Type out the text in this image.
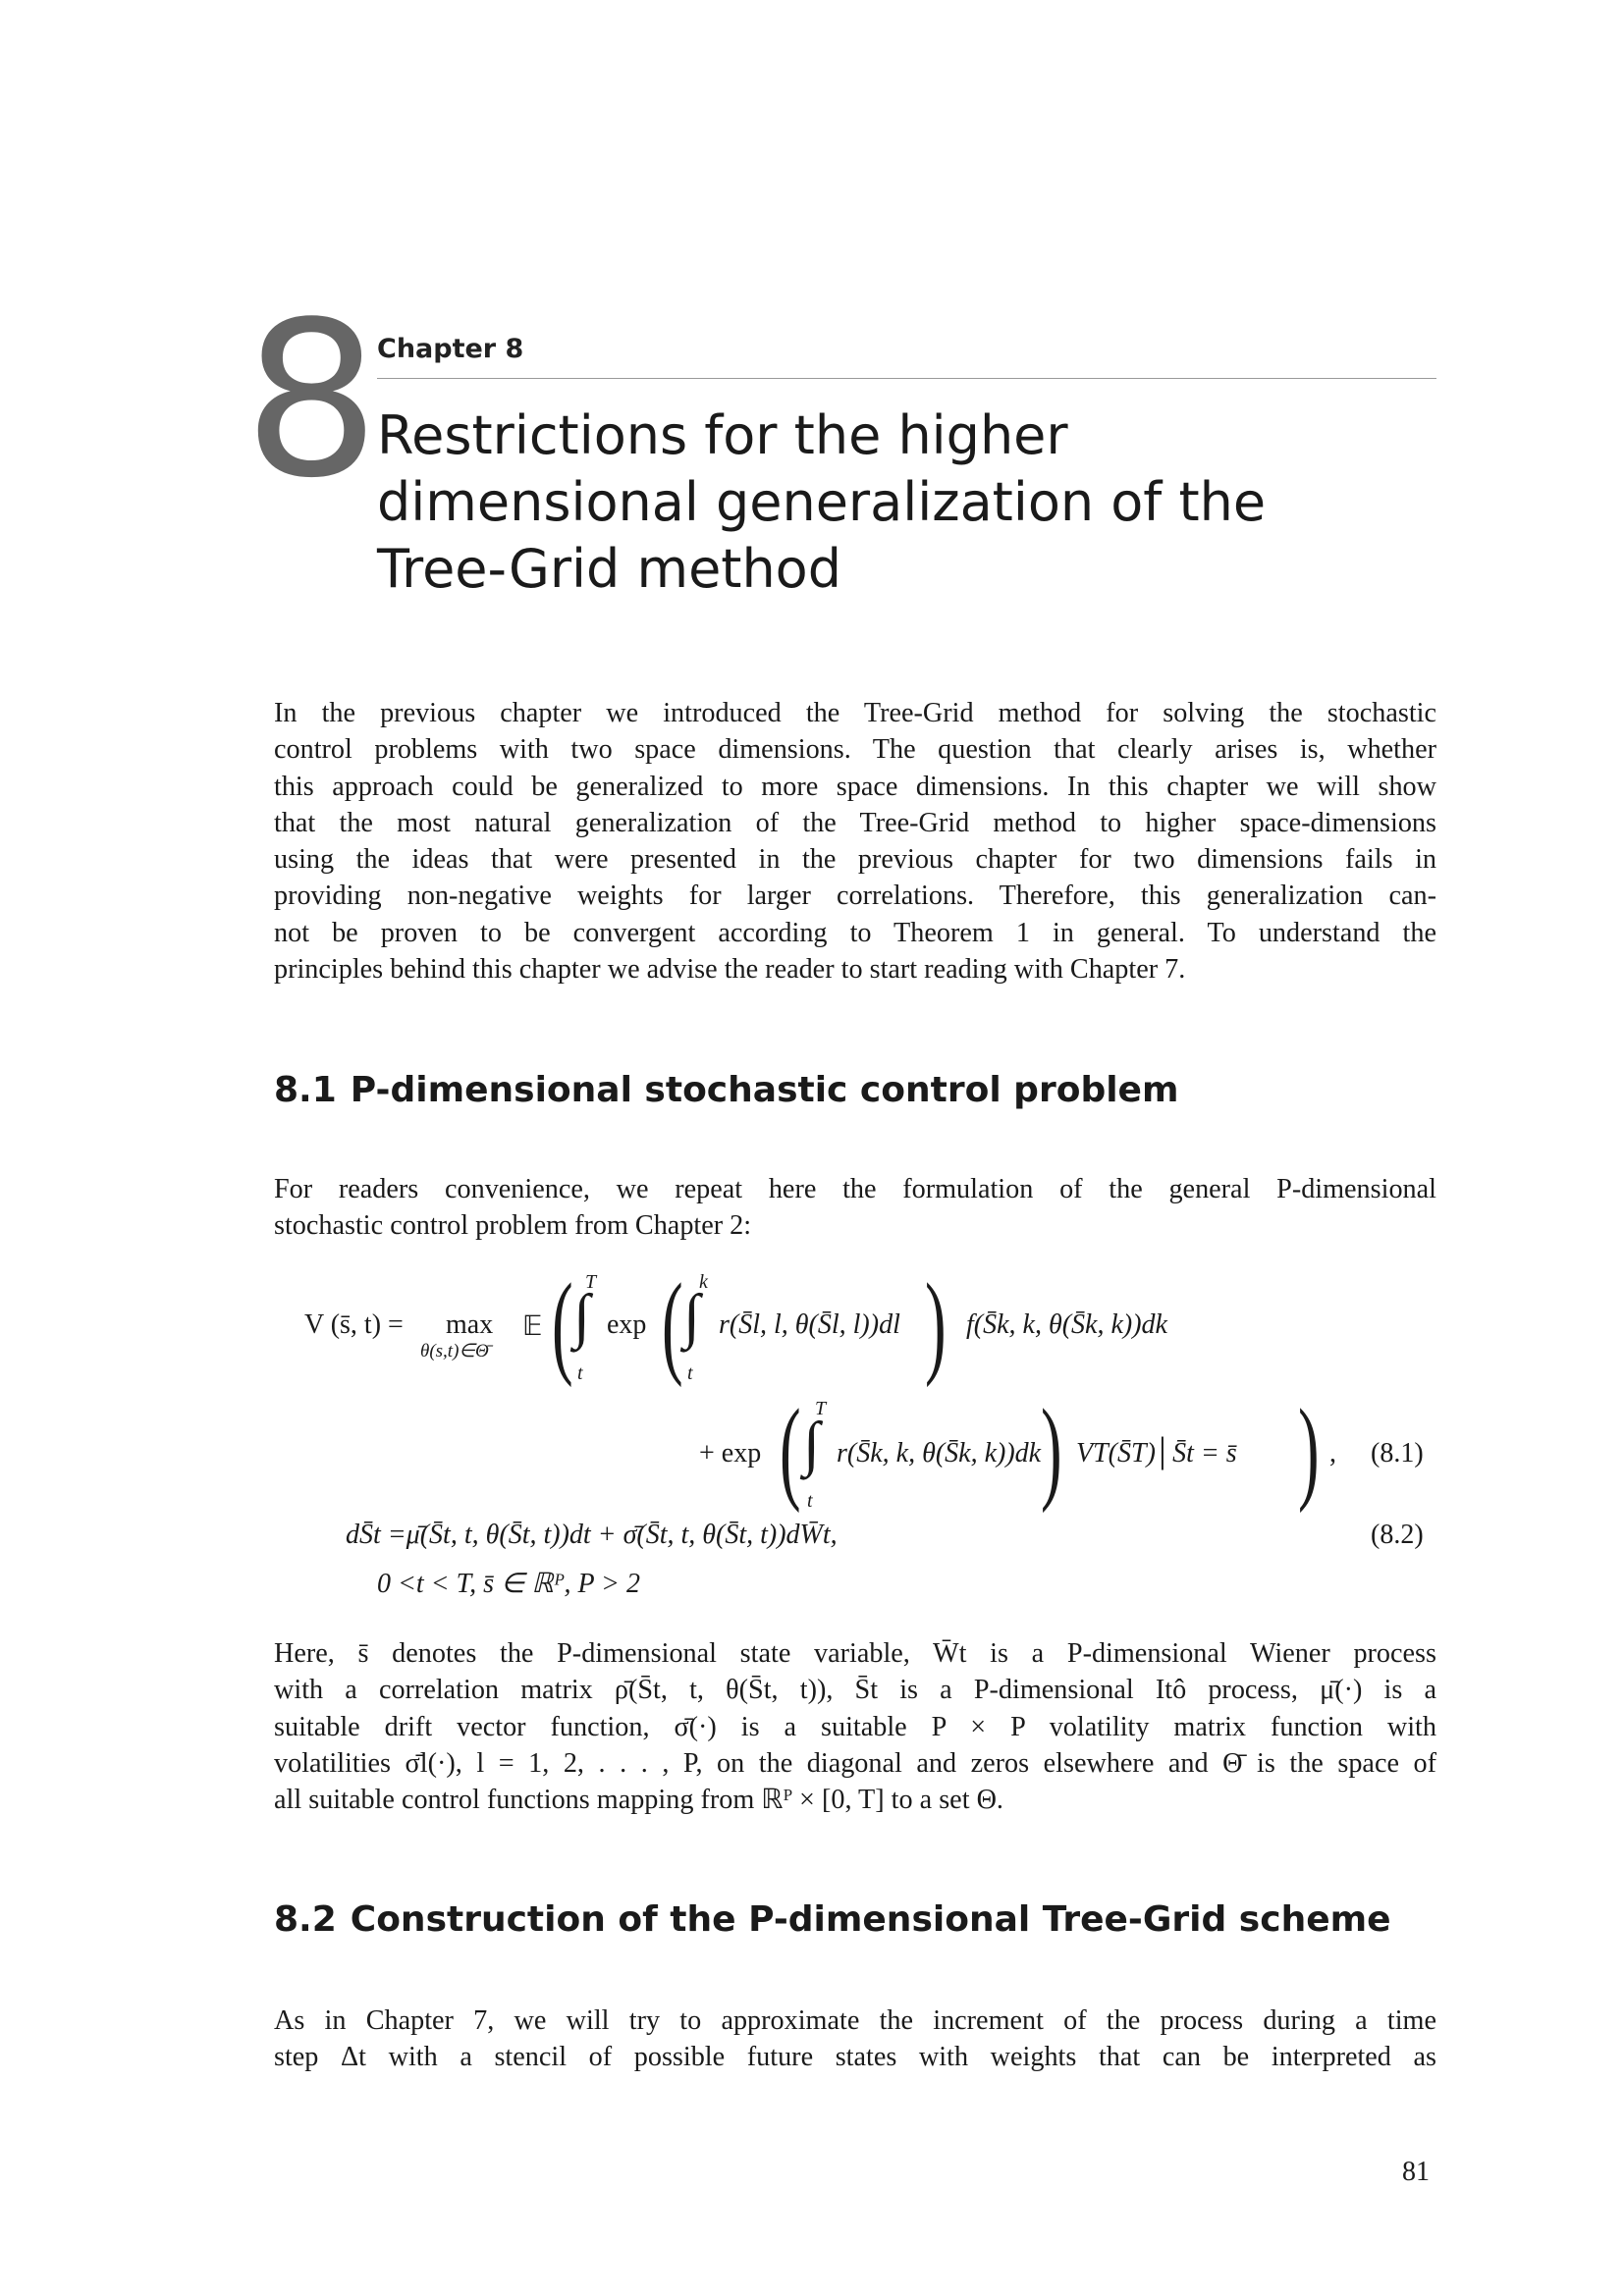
8 Chapter 8
Restrictions for the higher
dimensional generalization of the
Tree-Grid method
In the previous chapter we introduced the Tree-Grid method for solving the stochastic
control problems with two space dimensions. The question that clearly arises is, whether
this approach could be generalized to more space dimensions. In this chapter we will show
that the most natural generalization of the Tree-Grid method to higher space-dimensions
using the ideas that were presented in the previous chapter for two dimensions fails in
providing non-negative weights for larger correlations. Therefore, this generalization can-
not be proven to be convergent according to Theorem 1 in general. To understand the
principles behind this chapter we advise the reader to start reading with Chapter 7.
8.1 P-dimensional stochastic control problem
For readers convenience, we repeat here the formulation of the general P-dimensional
stochastic control problem from Chapter 2:
V (s̄, t) = max
θ(s,t)∈Θ̄
𝔼 ( ∫
T
t
exp ( ∫
k
t
r(S̄l, l, θ(S̄l, l))dl ) f(S̄k, k, θ(S̄k, k))dk
+ exp ( ∫
T
t
r(S̄k, k, θ(S̄k, k))dk ) VT(S̄T)│S̄t = s̄ ) , (8.1)
dS̄t =μ̄(S̄t, t, θ(S̄t, t))dt + σ̄(S̄t, t, θ(S̄t, t))dW̄t,	(8.2)
0 <t < T, s̄ ∈ ℝᴾ, P > 2
Here, s̄ denotes the P-dimensional state variable, W̄t is a P-dimensional Wiener process
with a correlation matrix ρ̄(S̄t, t, θ(S̄t, t)), S̄t is a P-dimensional Itô process, μ̄(·) is a
suitable drift vector function, σ̄(·) is a suitable P × P volatility matrix function with
volatilities σ̄l(·), l = 1, 2, . . . , P, on the diagonal and zeros elsewhere and Θ̄ is the space of
all suitable control functions mapping from ℝᴾ × [0, T] to a set Θ.
8.2 Construction of the P-dimensional Tree-Grid scheme
As in Chapter 7, we will try to approximate the increment of the process during a time
step Δt with a stencil of possible future states with weights that can be interpreted as
81
